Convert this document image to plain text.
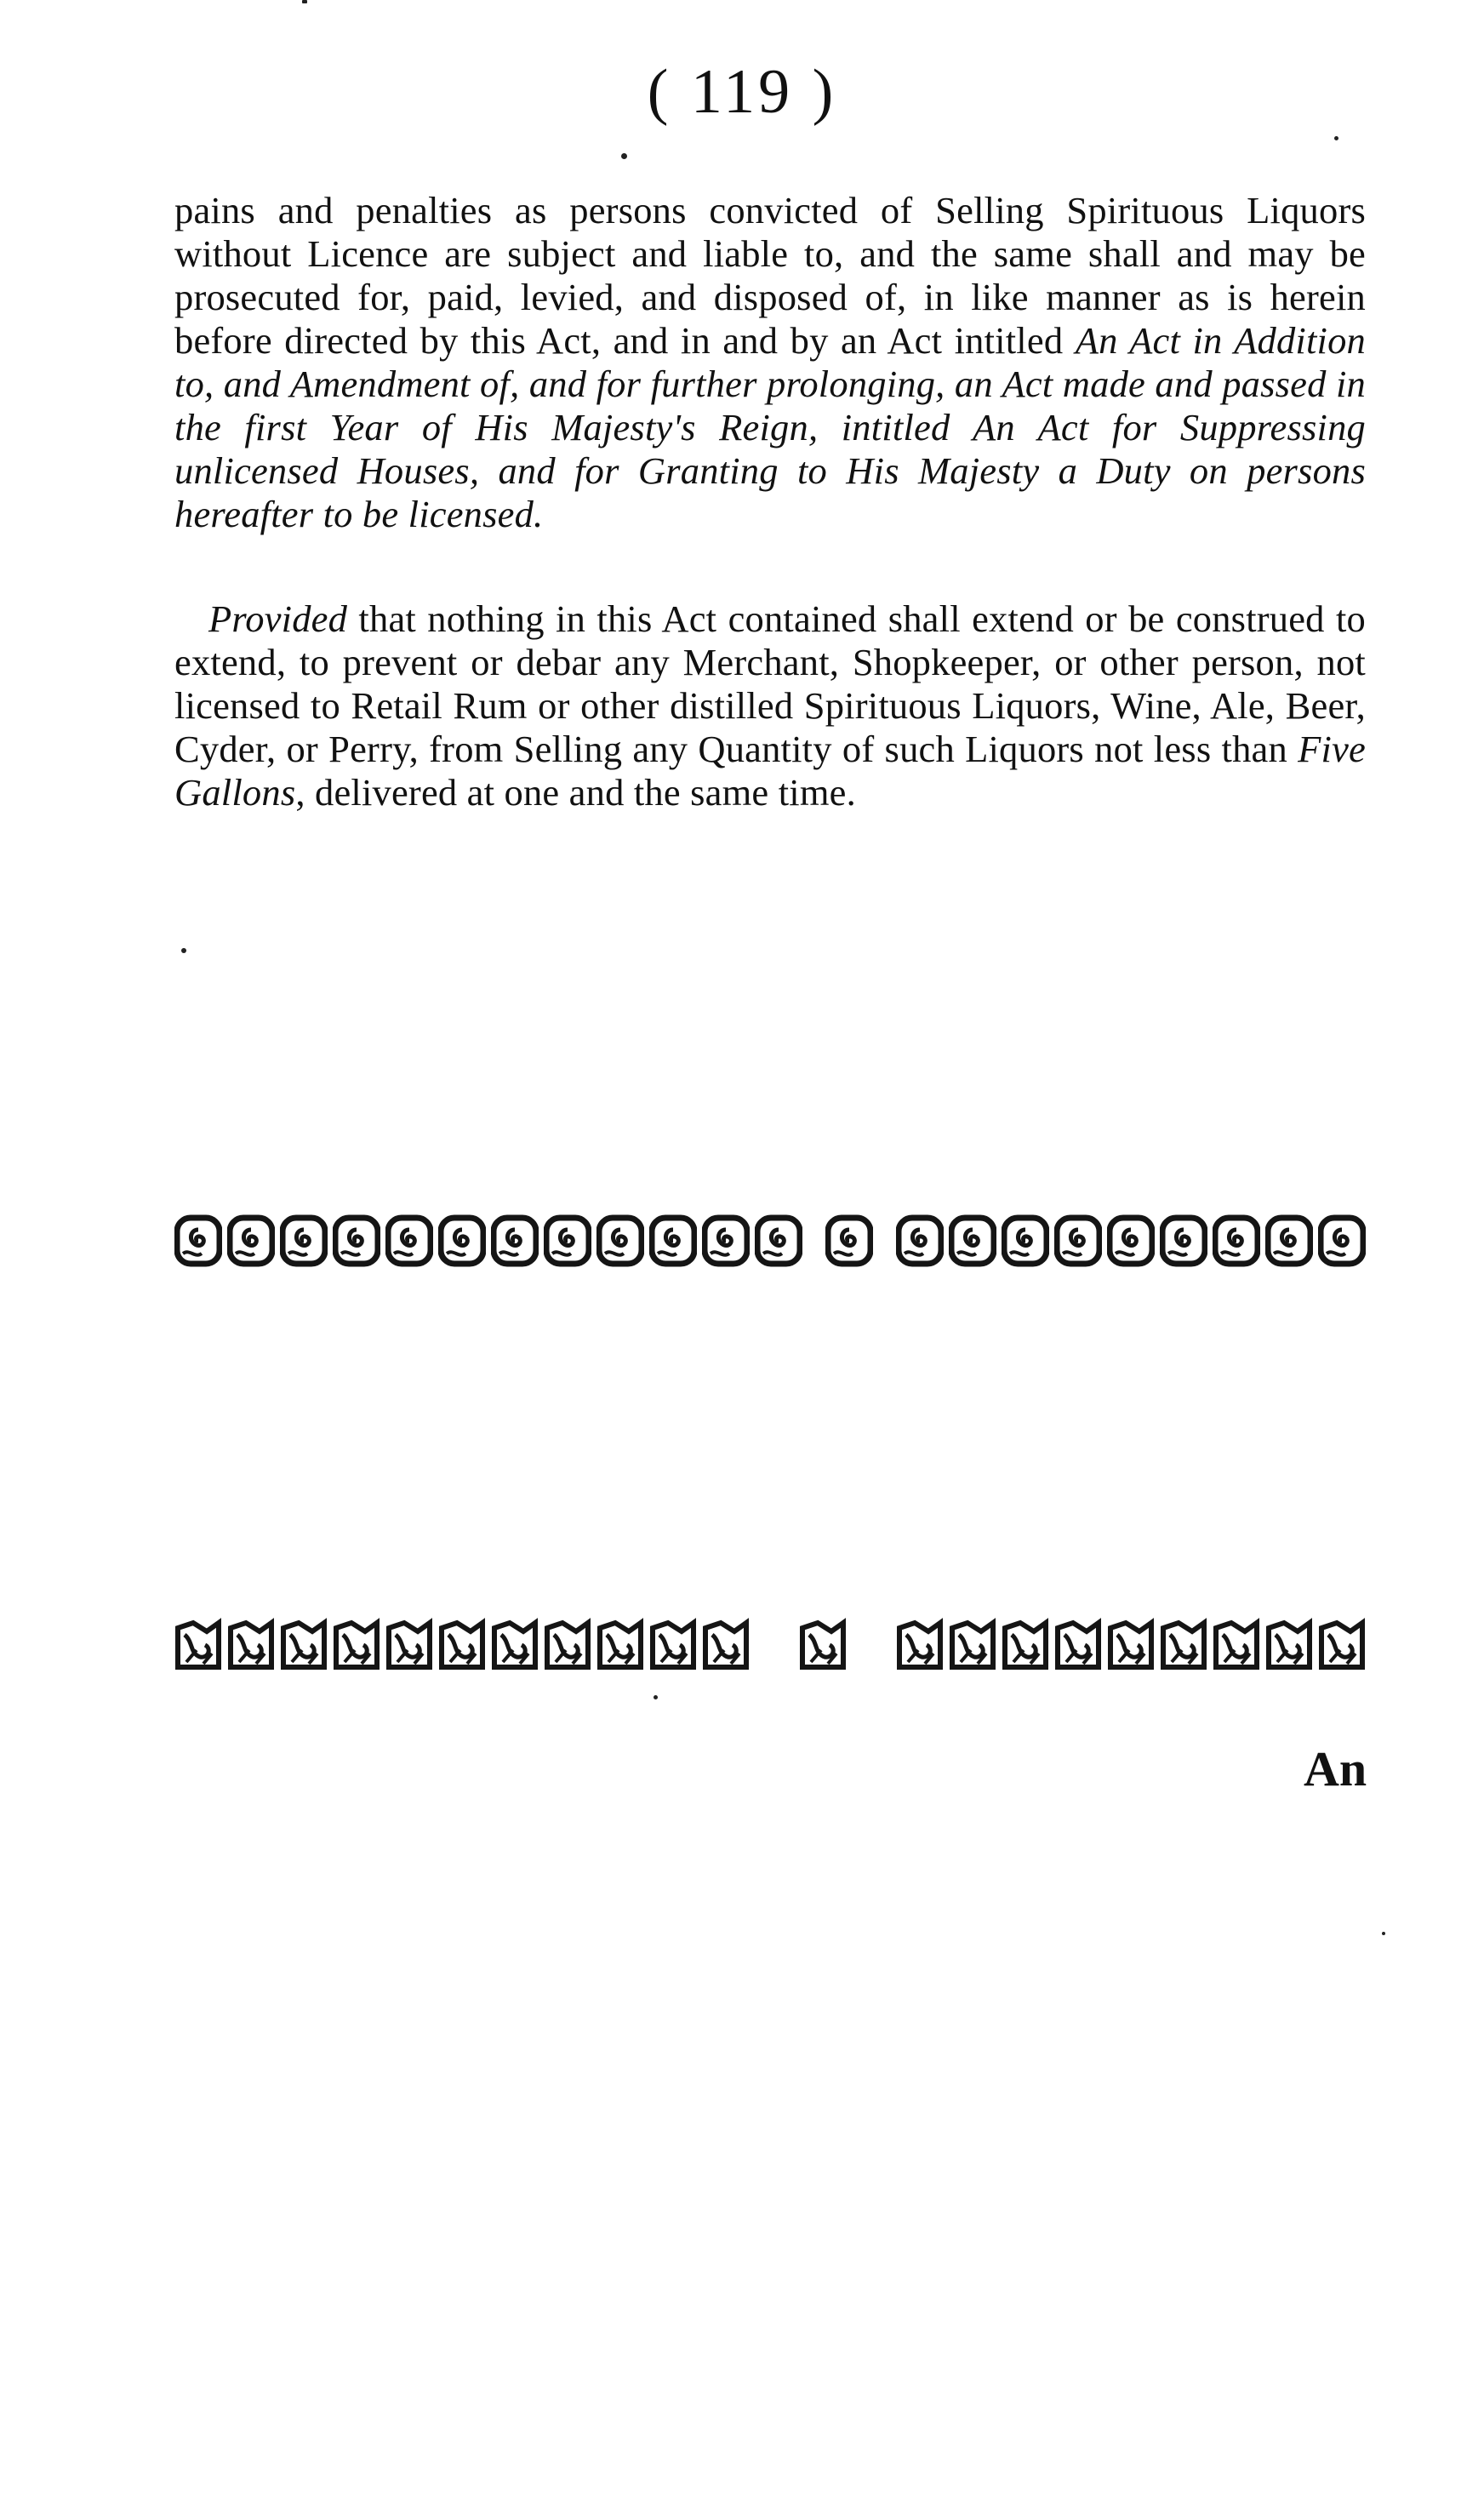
( 119 )
pains and penalties as persons convicted of Selling Spirituous Liquors without Licence are subject and liable to, and the same shall and may be prosecuted for, paid, levied, and disposed of, in like manner as is herein before directed by this Act, and in and by an Act intitled An Act in Addition to, and Amendment of, and for further prolonging, an Act made and passed in the first Year of His Majesty's Reign, intitled An Act for Suppressing unlicensed Houses, and for Granting to His Majesty a Duty on persons hereafter to be licensed.
Provided that nothing in this Act contained shall extend or be construed to extend, to prevent or debar any Merchant, Shopkeeper, or other person, not licensed to Retail Rum or other distilled Spirituous Liquors, Wine, Ale, Beer, Cyder, or Perry, from Selling any Quantity of such Liquors not less than Five Gallons, delivered at one and the same time.
An
